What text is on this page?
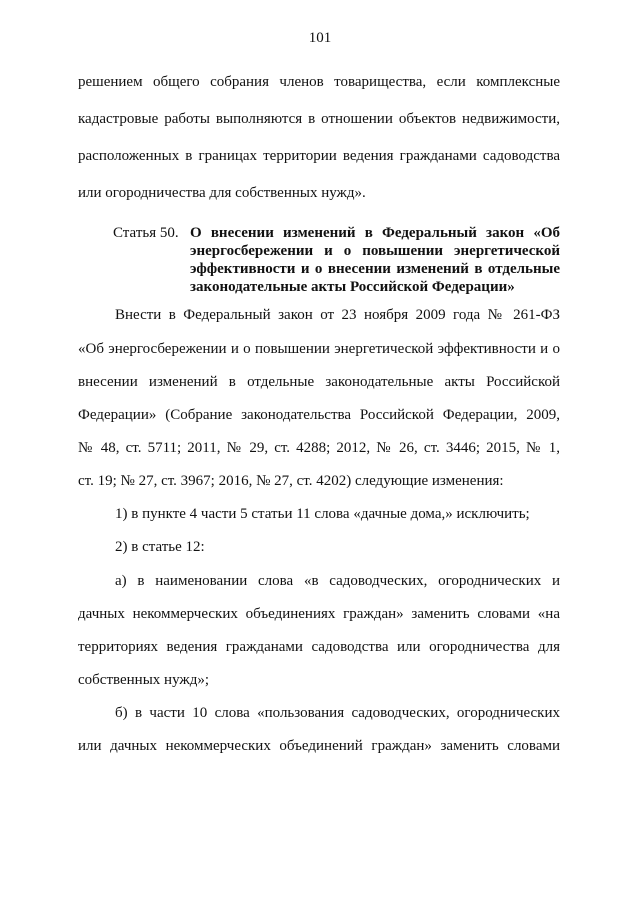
101
решением общего собрания членов товарищества, если комплексные
кадастровые работы выполняются в отношении объектов недвижимости,
расположенных в границах территории ведения гражданами садоводства
или огородничества для собственных нужд».
Статья 50. О внесении изменений в Федеральный закон «Об
энергосбережении и о повышении энергетической
эффективности и о внесении изменений в отдельные
законодательные акты Российской Федерации»
Внести в Федеральный закон от 23 ноября 2009 года № 261-ФЗ
«Об энергосбережении и о повышении энергетической эффективности и о
внесении изменений в отдельные законодательные акты Российской
Федерации» (Собрание законодательства Российской Федерации, 2009,
№ 48, ст. 5711; 2011, № 29, ст. 4288; 2012, № 26, ст. 3446; 2015, № 1,
ст. 19; № 27, ст. 3967; 2016, № 27, ст. 4202) следующие изменения:
1) в пункте 4 части 5 статьи 11 слова «дачные дома,» исключить;
2) в статье 12:
а) в наименовании слова «в садоводческих, огороднических и
дачных некоммерческих объединениях граждан» заменить словами «на
территориях ведения гражданами садоводства или огородничества для
собственных нужд»;
б) в части 10 слова «пользования садоводческих, огороднических
или дачных некоммерческих объединений граждан» заменить словами
